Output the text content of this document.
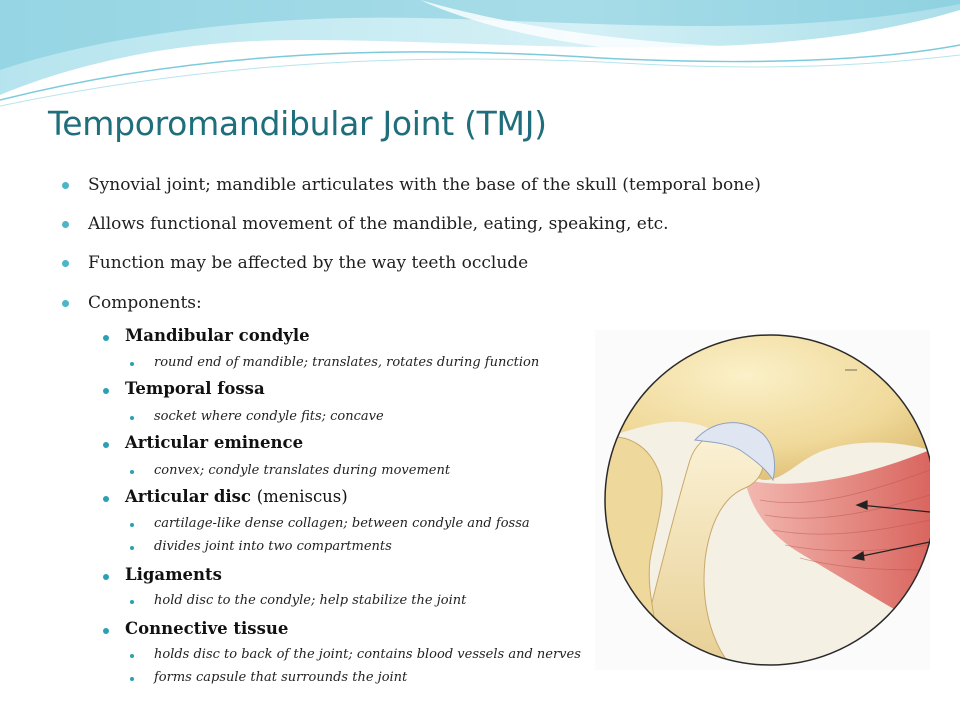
Temporomandibular Joint (TMJ)
Synovial joint; mandible articulates with the base of the skull (temporal bone)
Allows functional movement of the mandible, eating, speaking, etc.
Function may be affected by the way teeth occlude
Components:
Mandibular condyle
round end of mandible; translates, rotates during function
Temporal fossa
socket where condyle fits; concave
Articular eminence
convex; condyle translates during movement
Articular disc (meniscus)
cartilage-like dense collagen; between condyle and fossa
divides joint into two compartments
Ligaments
hold disc to the condyle; help stabilize the joint
Connective tissue
holds disc to back of the joint; contains blood vessels and nerves
forms capsule that surrounds the joint
